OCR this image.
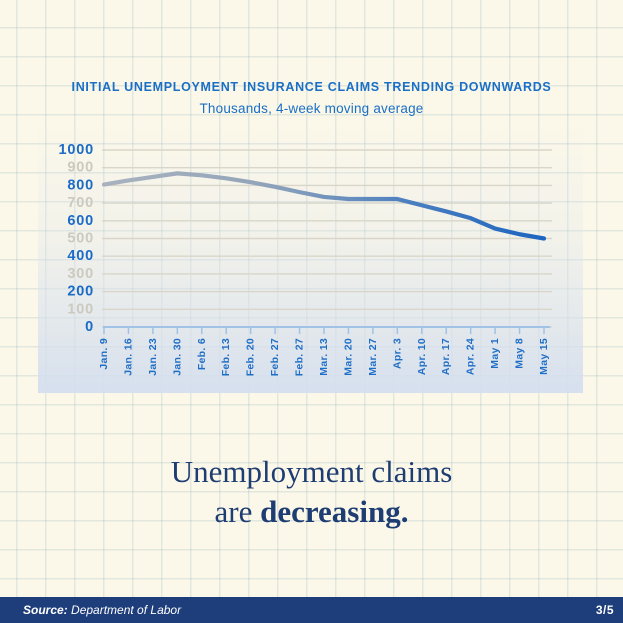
INITIAL UNEMPLOYMENT INSURANCE CLAIMS TRENDING DOWNWARDS
Thousands, 4-week moving average
1000
900
800
700
600
500
400
300
200
100
0
Jan. 9 Jan. 16 Jan. 23 Jan. 30 Feb. 6 Feb. 13 Feb. 20 Feb. 27 Feb. 27 Mar. 13 Mar. 20 Mar. 27 Apr. 3 Apr. 10 Apr. 17 Apr. 24 May 1 May 8 May 15
Unemployment claims
are decreasing.
Source: Department of Labor	3/5
